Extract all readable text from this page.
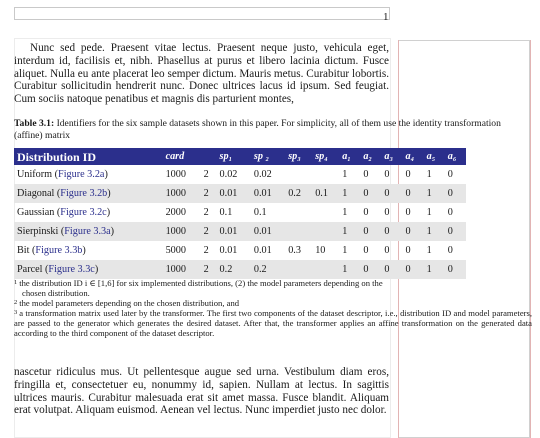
1

Nunc sed pede. Praesent vitae lectus. Praesent neque justo, vehicula eget, interdum id, facilisis et, nibh. Phasellus at purus et libero lacinia dictum. Fusce aliquet. Nulla eu ante placerat leo semper dictum. Mauris metus. Curabitur lobortis. Curabitur sollicitudin hendrerit nunc. Donec ultrices lacus id ipsum. Sed feugiat. Cum sociis natoque penatibus et magnis dis parturient montes,

Table 3.1: Identifiers for the six sample datasets shown in this paper. For simplicity, all of them use the identity transformation (affine) matrix

Distribution ID	card		sp₁	sp ₂	sp₃	sp₄	a₁	a₂	a₃	a₄	a₅	a₆
Uniform (Figure 3.2a)	1000	2	0.02	0.02			1	0	0	0	1	0
Diagonal (Figure 3.2b)	1000	2	0.01	0.01	0.2	0.1	1	0	0	0	1	0
Gaussian (Figure 3.2c)	2000	2	0.1	0.1			1	0	0	0	1	0
Sierpinski (Figure 3.3a)	1000	2	0.01	0.01			1	0	0	0	1	0
Bit (Figure 3.3b)	5000	2	0.01	0.01	0.3	10	1	0	0	0	1	0
Parcel (Figure 3.3c)	1000	2	0.2	0.2			1	0	0	0	1	0

$^1$ the distribution ID i ∈ [1,6] for six implemented distributions, (2) the model parameters depending on the
chosen distribution.

$^2$ the model parameters depending on the chosen distribution, and

$^3$ a transformation matrix used later by the transformer. The first two components of the dataset descriptor, i.e., distribution ID and model parameters, are passed to the generator which generates the desired dataset. After that, the transformer applies an affine transformation on the generated data according to the third component of the dataset descriptor.

nascetur ridiculus mus. Ut pellentesque augue sed urna. Vestibulum diam eros, fringilla et, consectetuer eu, nonummy id, sapien. Nullam at lectus. In sagittis ultrices mauris. Curabitur malesuada erat sit amet massa. Fusce blandit. Aliquam erat volutpat. Aliquam euismod. Aenean vel lectus. Nunc imperdiet justo nec dolor.
